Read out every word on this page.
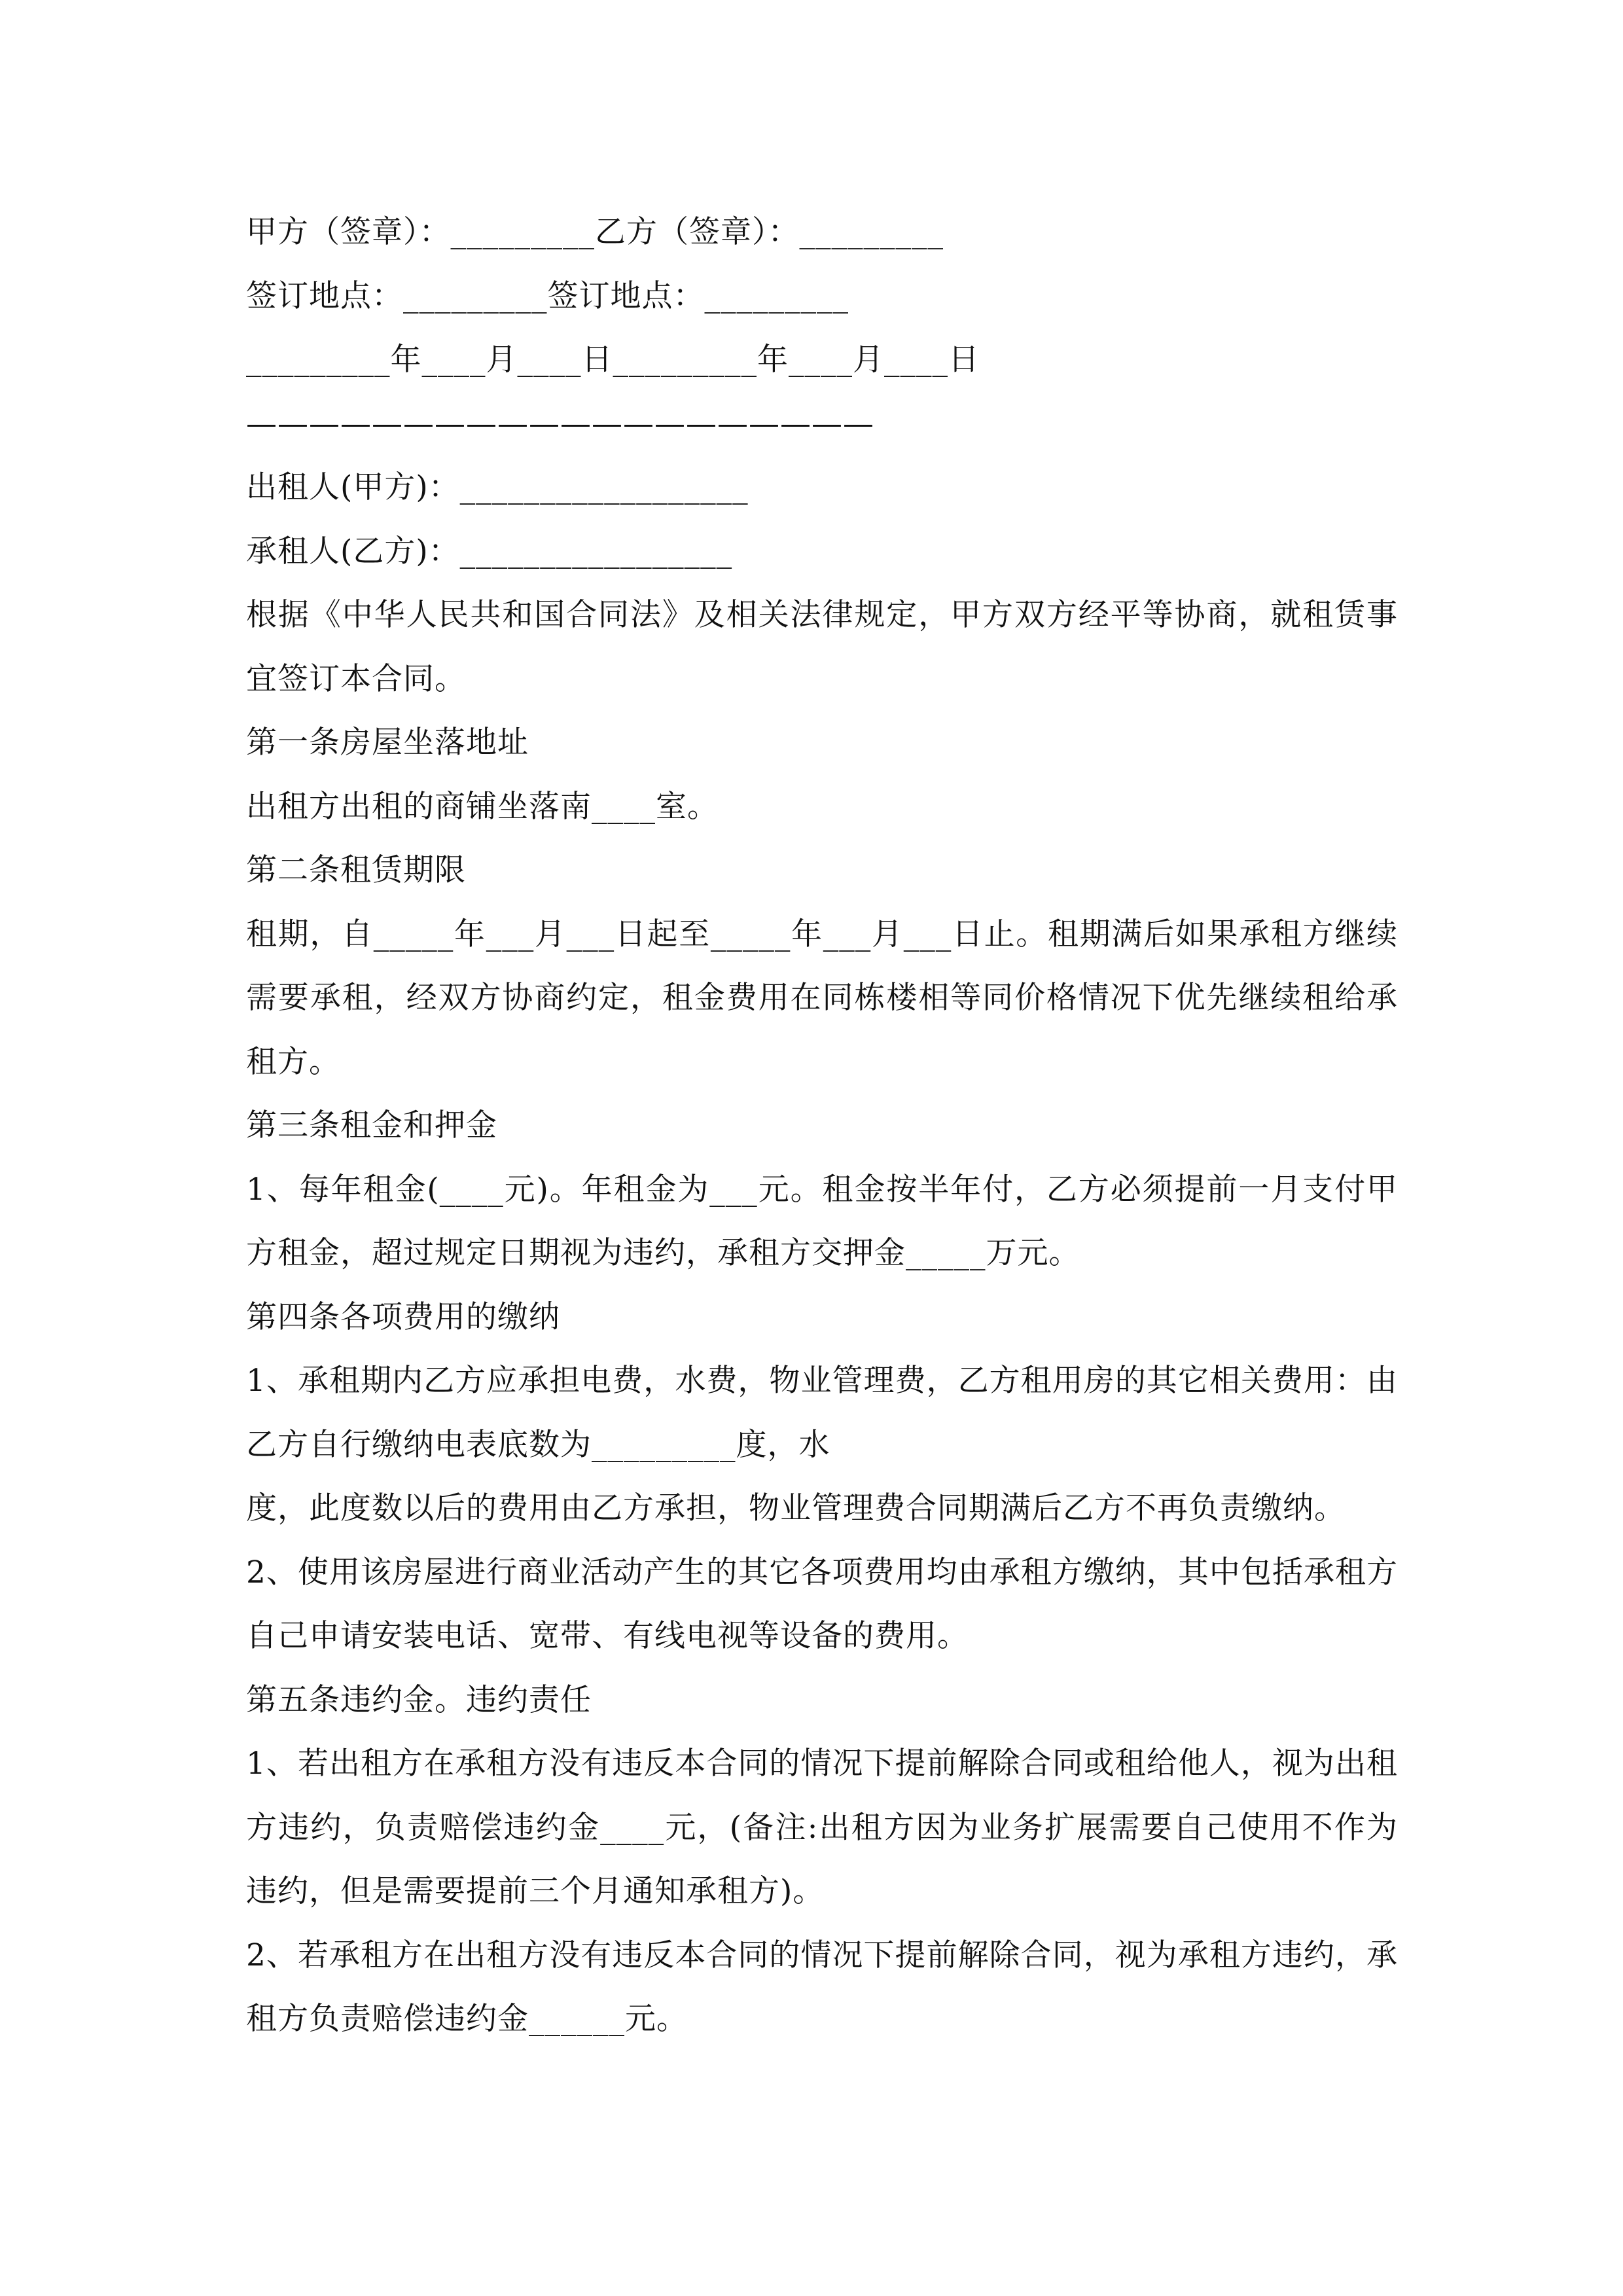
甲方（签章）：_________乙方（签章）：_________
签订地点：_________签订地点：_________
_________年____月____日_________年____月____日
————————————————————
出租人(甲方)：__________________
承租人(乙方)：_________________
根据《中华人民共和国合同法》及相关法律规定，甲方双方经平等协商，就租赁事宜签订本合同。
第一条房屋坐落地址
出租方出租的商铺坐落南____室。
第二条租赁期限
租期，自_____年___月___日起至_____年___月___日止。租期满后如果承租方继续需要承租，经双方协商约定，租金费用在同栋楼相等同价格情况下优先继续租给承租方。
第三条租金和押金
1、每年租金(____元)。年租金为___元。租金按半年付，乙方必须提前一月支付甲方租金，超过规定日期视为违约，承租方交押金_____万元。
第四条各项费用的缴纳
1、承租期内乙方应承担电费，水费，物业管理费，乙方租用房的其它相关费用：由乙方自行缴纳电表底数为_________度，水
度，此度数以后的费用由乙方承担，物业管理费合同期满后乙方不再负责缴纳。
2、使用该房屋进行商业活动产生的其它各项费用均由承租方缴纳，其中包括承租方自己申请安装电话、宽带、有线电视等设备的费用。
第五条违约金。违约责任
1、若出租方在承租方没有违反本合同的情况下提前解除合同或租给他人，视为出租方违约，负责赔偿违约金____元，(备注:出租方因为业务扩展需要自己使用不作为违约，但是需要提前三个月通知承租方)。
2、若承租方在出租方没有违反本合同的情况下提前解除合同，视为承租方违约，承租方负责赔偿违约金______元。
